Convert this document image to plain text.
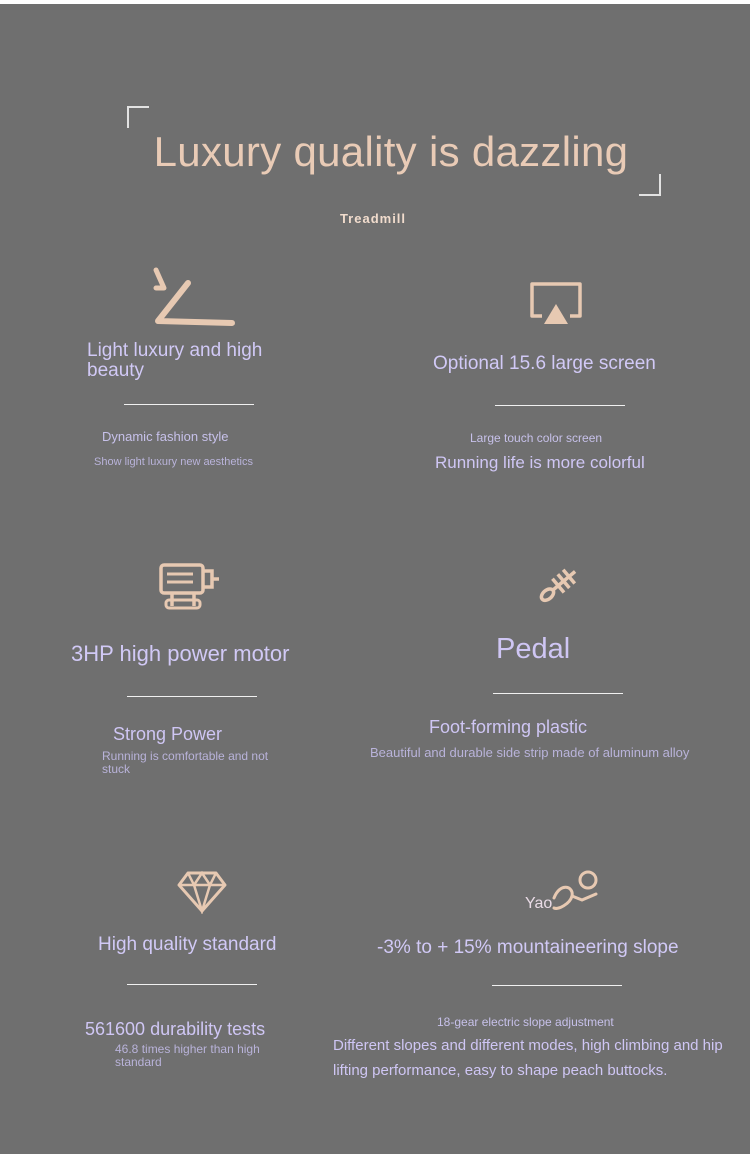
Luxury quality is dazzling
Treadmill
Light luxury and high beauty
Dynamic fashion style
Show light luxury new aesthetics
Optional 15.6 large screen
Large touch color screen
Running life is more colorful
3HP high power motor
Strong Power
Running is comfortable and not stuck
Pedal
Foot-forming plastic
Beautiful and durable side strip made of aluminum alloy
High quality standard
561600 durability tests
46.8 times higher than high standard
Yao
-3% to + 15% mountaineering slope
18-gear electric slope adjustment
Different slopes and different modes, high climbing and hip lifting performance, easy to shape peach buttocks.
